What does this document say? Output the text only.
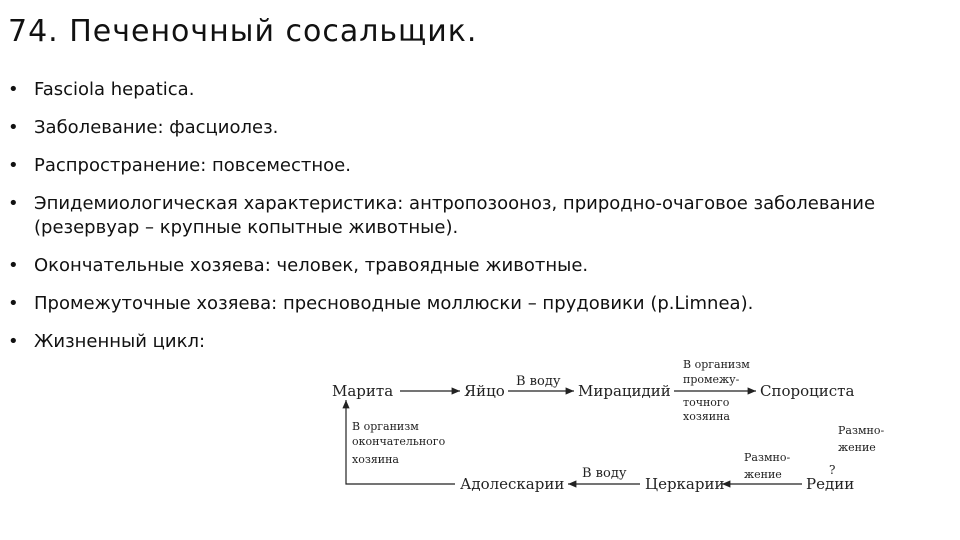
74. Печеночный сосальщик.
• Fasciola hepatica.
• Заболевание: фасциолез.
• Распространение: повсеместное.
• Эпидемиологическая характеристика: антропозооноз, природно-очаговое заболевание (резервуар – крупные копытные животные).
• Окончательные хозяева: человек, травоядные животные.
• Промежуточные хозяева: пресноводные моллюски – прудовики (р.Limnea).
• Жизненный цикл:
Марита	Яйцо	Мирацидий	Спороциста
В воду
В организм
промежу-
точного
хозяина
В организм
окончательного
хозяина
Адолескарии	Церкарии	Редии
В воду
Размно-
жение
Размно-
жение
?
